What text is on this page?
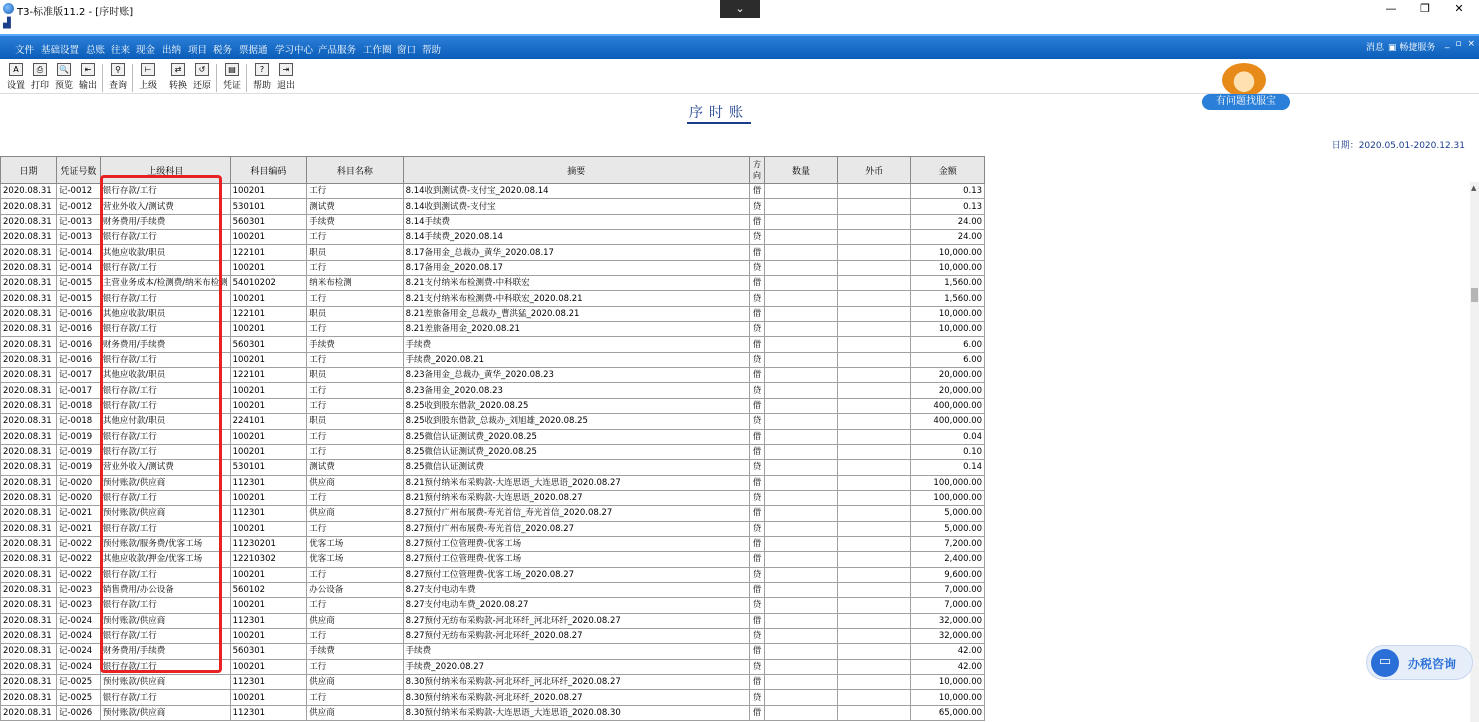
T3-标准版11.2 - [序时账]	⌄	—	❐	✕
▟
文件 基础设置 总账 往来 现金 出纳 项目 税务 票据通 学习中心 产品服务 工作圈 窗口 帮助	消息 ▣ 畅捷服务	_ ▫ ×
A
设置
⎙
打印
🔍
预览
⇤
输出
⚲
查询
⊢
上级
⇄
转换
↺
还原
▤
凭证
?
帮助
⇥
退出
序时账
有问题找服宝
日期：2020.05.01-2020.12.31
日期	凭证号数	上级科目	科目编码	科目名称	摘要	方向	数量	外币	金额	
2020.08.31	记-0012	银行存款/工行	100201	工行	8.14收到测试费-支付宝_2020.08.14	借			0.13	
2020.08.31	记-0012	营业外收入/测试费	530101	测试费	8.14收到测试费-支付宝	贷			0.13	
2020.08.31	记-0013	财务费用/手续费	560301	手续费	8.14手续费	借			24.00	
2020.08.31	记-0013	银行存款/工行	100201	工行	8.14手续费_2020.08.14	贷			24.00	
2020.08.31	记-0014	其他应收款/职员	122101	职员	8.17备用金_总裁办_黄华_2020.08.17	借			10,000.00	
2020.08.31	记-0014	银行存款/工行	100201	工行	8.17备用金_2020.08.17	贷			10,000.00	
2020.08.31	记-0015	主营业务成本/检测费/纳米布检测	54010202	纳米布检测	8.21支付纳米布检测费-中科联宏	借			1,560.00	
2020.08.31	记-0015	银行存款/工行	100201	工行	8.21支付纳米布检测费-中科联宏_2020.08.21	贷			1,560.00	
2020.08.31	记-0016	其他应收款/职员	122101	职员	8.21差旅备用金_总裁办_曹洪猛_2020.08.21	借			10,000.00	
2020.08.31	记-0016	银行存款/工行	100201	工行	8.21差旅备用金_2020.08.21	贷			10,000.00	
2020.08.31	记-0016	财务费用/手续费	560301	手续费	手续费	借			6.00	
2020.08.31	记-0016	银行存款/工行	100201	工行	手续费_2020.08.21	贷			6.00	
2020.08.31	记-0017	其他应收款/职员	122101	职员	8.23备用金_总裁办_黄华_2020.08.23	借			20,000.00	
2020.08.31	记-0017	银行存款/工行	100201	工行	8.23备用金_2020.08.23	贷			20,000.00	
2020.08.31	记-0018	银行存款/工行	100201	工行	8.25收到股东借款_2020.08.25	借			400,000.00	
2020.08.31	记-0018	其他应付款/职员	224101	职员	8.25收到股东借款_总裁办_刘旭雄_2020.08.25	贷			400,000.00	
2020.08.31	记-0019	银行存款/工行	100201	工行	8.25微信认证测试费_2020.08.25	借			0.04	
2020.08.31	记-0019	银行存款/工行	100201	工行	8.25微信认证测试费_2020.08.25	借			0.10	
2020.08.31	记-0019	营业外收入/测试费	530101	测试费	8.25微信认证测试费	贷			0.14	
2020.08.31	记-0020	预付账款/供应商	112301	供应商	8.21预付纳米布采购款-大连思语_大连思语_2020.08.27	借			100,000.00	
2020.08.31	记-0020	银行存款/工行	100201	工行	8.21预付纳米布采购款-大连思语_2020.08.27	贷			100,000.00	
2020.08.31	记-0021	预付账款/供应商	112301	供应商	8.27预付广州布展费-寿光首信_寿光首信_2020.08.27	借			5,000.00	
2020.08.31	记-0021	银行存款/工行	100201	工行	8.27预付广州布展费-寿光首信_2020.08.27	贷			5,000.00	
2020.08.31	记-0022	预付账款/服务费/优客工场	11230201	优客工场	8.27预付工位管理费-优客工场	借			7,200.00	
2020.08.31	记-0022	其他应收款/押金/优客工场	12210302	优客工场	8.27预付工位管理费-优客工场	借			2,400.00	
2020.08.31	记-0022	银行存款/工行	100201	工行	8.27预付工位管理费-优客工场_2020.08.27	贷			9,600.00	
2020.08.31	记-0023	销售费用/办公设备	560102	办公设备	8.27支付电动车费	借			7,000.00	
2020.08.31	记-0023	银行存款/工行	100201	工行	8.27支付电动车费_2020.08.27	贷			7,000.00	
2020.08.31	记-0024	预付账款/供应商	112301	供应商	8.27预付无纺布采购款-河北环纤_河北环纤_2020.08.27	借			32,000.00	
2020.08.31	记-0024	银行存款/工行	100201	工行	8.27预付无纺布采购款-河北环纤_2020.08.27	贷			32,000.00	
2020.08.31	记-0024	财务费用/手续费	560301	手续费	手续费	借			42.00	
2020.08.31	记-0024	银行存款/工行	100201	工行	手续费_2020.08.27	贷			42.00	
2020.08.31	记-0025	预付账款/供应商	112301	供应商	8.30预付纳米布采购款-河北环纤_河北环纤_2020.08.27	借			10,000.00	
2020.08.31	记-0025	银行存款/工行	100201	工行	8.30预付纳米布采购款-河北环纤_2020.08.27	贷			10,000.00	
2020.08.31	记-0026	预付账款/供应商	112301	供应商	8.30预付纳米布采购款-大连思语_大连思语_2020.08.30	借			65,000.00	
▲
▭	办税咨询
